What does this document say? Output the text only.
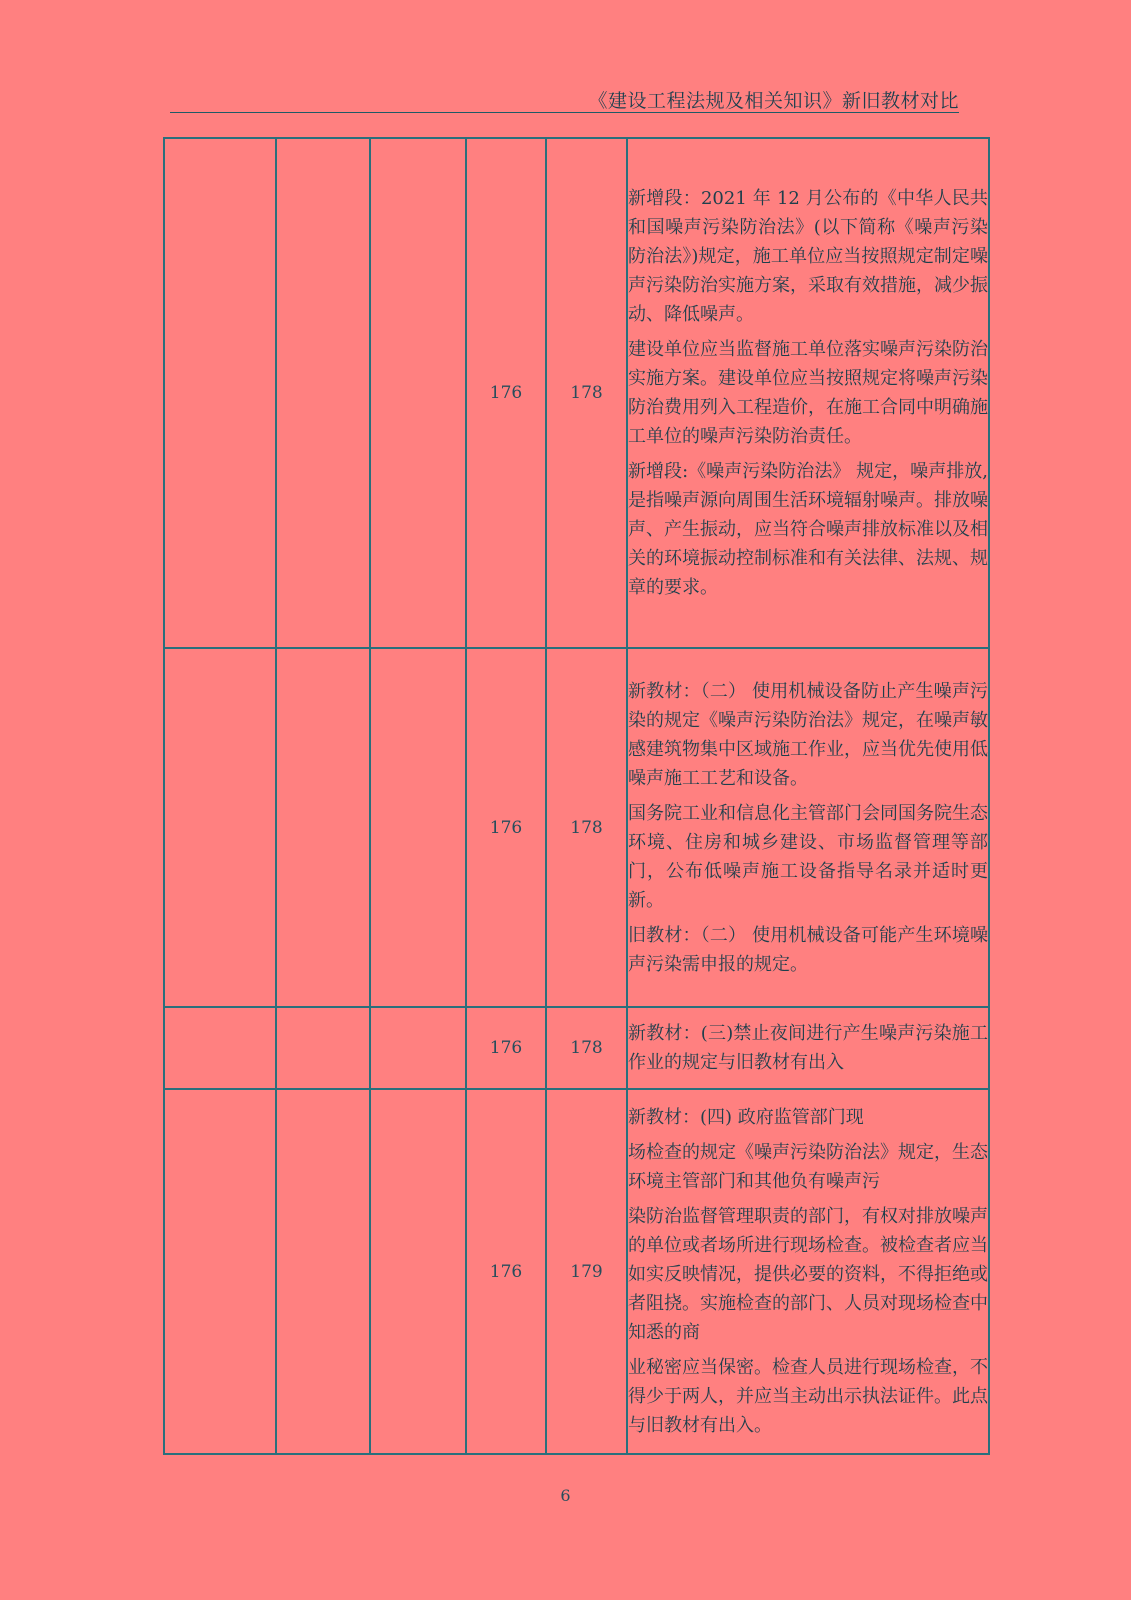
《建设工程法规及相关知识》新旧教材对比
			176	178	新增段：2021 年 12 月公布的《中华人民共和国噪声污染防治法》(以下简称《噪声污染防治法》)规定，施工单位应当按照规定制定噪声污染防治实施方案，采取有效措施，减少振动、降低噪声。

建设单位应当监督施工单位落实噪声污染防治实施方案。建设单位应当按照规定将噪声污染防治费用列入工程造价，在施工合同中明确施工单位的噪声污染防治责任。

新增段:《噪声污染防治法》 规定，噪声排放,是指噪声源向周围生活环境辐射噪声。排放噪声、产生振动，应当符合噪声排放标准以及相关的环境振动控制标准和有关法律、法规、规章的要求。

			176	178	新教材：（二） 使用机械设备防止产生噪声污染的规定《噪声污染防治法》规定，在噪声敏感建筑物集中区域施工作业，应当优先使用低噪声施工工艺和设备。

国务院工业和信息化主管部门会同国务院生态环境、住房和城乡建设、市场监督管理等部门，公布低噪声施工设备指导名录并适时更新。

旧教材：（二） 使用机械设备可能产生环境噪声污染需申报的规定。

			176	178	新教材：(三)禁止夜间进行产生噪声污染施工作业的规定与旧教材有出入

			176	179	新教材：(四) 政府监管部门现

场检查的规定《噪声污染防治法》规定，生态环境主管部门和其他负有噪声污

染防治监督管理职责的部门，有权对排放噪声的单位或者场所进行现场检查。被检查者应当如实反映情况，提供必要的资料，不得拒绝或者阻挠。实施检查的部门、人员对现场检查中知悉的商

业秘密应当保密。检查人员进行现场检查，不得少于两人，并应当主动出示执法证件。此点与旧教材有出入。

6
